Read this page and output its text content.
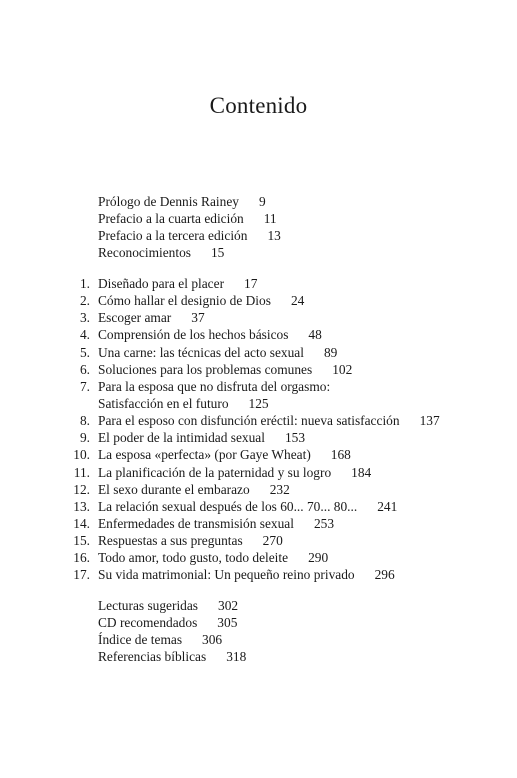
Contenido
Prólogo de Dennis Rainey 9
Prefacio a la cuarta edición 11
Prefacio a la tercera edición 13
Reconocimientos 15
1. Diseñado para el placer 17
2. Cómo hallar el designio de Dios 24
3. Escoger amar 37
4. Comprensión de los hechos básicos 48
5. Una carne: las técnicas del acto sexual 89
6. Soluciones para los problemas comunes 102
7. Para la esposa que no disfruta del orgasmo:
Satisfacción en el futuro 125
8. Para el esposo con disfunción eréctil: nueva satisfacción 137
9. El poder de la intimidad sexual 153
10. La esposa «perfecta» (por Gaye Wheat) 168
11. La planificación de la paternidad y su logro 184
12. El sexo durante el embarazo 232
13. La relación sexual después de los 60... 70... 80... 241
14. Enfermedades de transmisión sexual 253
15. Respuestas a sus preguntas 270
16. Todo amor, todo gusto, todo deleite 290
17. Su vida matrimonial: Un pequeño reino privado 296
Lecturas sugeridas 302
CD recomendados 305
Índice de temas 306
Referencias bíblicas 318
